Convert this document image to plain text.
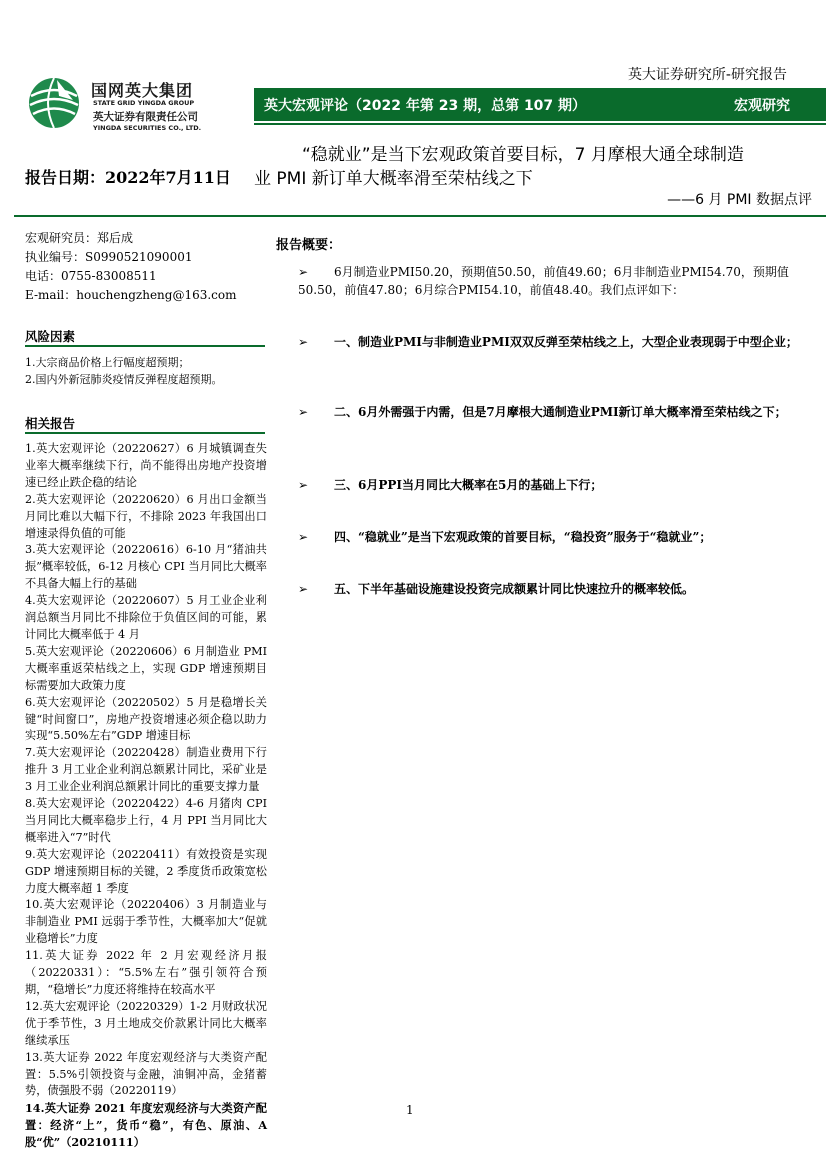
国网英大集团
STATE GRID YINGDA GROUP
英大证券有限责任公司
YINGDA SECURITIES CO., LTD.
英大证券研究所-研究报告
英大宏观评论（2022 年第 23 期，总第 107 期）	宏观研究
报告日期：2022年7月11日
“稳就业”是当下宏观政策首要目标，7 月摩根大通全球制造
业 PMI 新订单大概率滑至荣枯线之下
——6 月 PMI 数据点评
宏观研究员：郑后成
执业编号：S0990521090001
电话：0755-83008511
E-mail：houchengzheng@163.com
风险因素
1.大宗商品价格上行幅度超预期；
2.国内外新冠肺炎疫情反弹程度超预期。
相关报告
1.英大宏观评论（20220627）6 月城镇调查失业率大概率继续下行，尚不能得出房地产投资增速已经止跌企稳的结论
2.英大宏观评论（20220620）6 月出口金额当月同比难以大幅下行，不排除 2023 年我国出口增速录得负值的可能
3.英大宏观评论（20220616）6-10 月“猪油共振”概率较低，6-12 月核心 CPI 当月同比大概率不具备大幅上行的基础
4.英大宏观评论（20220607）5 月工业企业利润总额当月同比不排除位于负值区间的可能，累计同比大概率低于 4 月
5.英大宏观评论（20220606）6 月制造业 PMI 大概率重返荣枯线之上，实现 GDP 增速预期目标需要加大政策力度
6.英大宏观评论（20220502）5 月是稳增长关键“时间窗口”，房地产投资增速必须企稳以助力实现“5.50%左右”GDP 增速目标
7.英大宏观评论（20220428）制造业费用下行推升 3 月工业企业利润总额累计同比，采矿业是 3 月工业企业利润总额累计同比的重要支撑力量
8.英大宏观评论（20220422）4-6 月猪肉 CPI 当月同比大概率稳步上行，4 月 PPI 当月同比大概率进入“7”时代
9.英大宏观评论（20220411）有效投资是实现 GDP 增速预期目标的关键，2 季度货币政策宽松力度大概率超 1 季度
10.英大宏观评论（20220406）3 月制造业与非制造业 PMI 远弱于季节性，大概率加大“促就业稳增长”力度
11.英大证券 2022 年 2 月宏观经济月报（20220331）：“5.5%左右”强引领符合预期，“稳增长”力度还将维持在较高水平
12.英大宏观评论（20220329）1-2 月财政状况优于季节性，3 月土地成交价款累计同比大概率继续承压
13.英大证券 2022 年度宏观经济与大类资产配置：5.5%引领投资与金融，油铜冲高，金猪蓄势，债强股不弱（20220119）
14.英大证券 2021 年度宏观经济与大类资产配置：经济“上”，货币“稳”，有色、原油、A 股“优”（20210111）
报告概要：
➢	6月制造业PMI50.20，预期值50.50，前值49.60；6月非制造业PMI54.70，预期值50.50，前值47.80；6月综合PMI54.10，前值48.40。我们点评如下：
➢	一、制造业PMI与非制造业PMI双双反弹至荣枯线之上，大型企业表现弱于中型企业；
➢	二、6月外需强于内需，但是7月摩根大通制造业PMI新订单大概率滑至荣枯线之下；
➢	三、6月PPI当月同比大概率在5月的基础上下行；
➢	四、“稳就业”是当下宏观政策的首要目标，“稳投资”服务于“稳就业”；
➢	五、下半年基础设施建设投资完成额累计同比快速拉升的概率较低。
1
